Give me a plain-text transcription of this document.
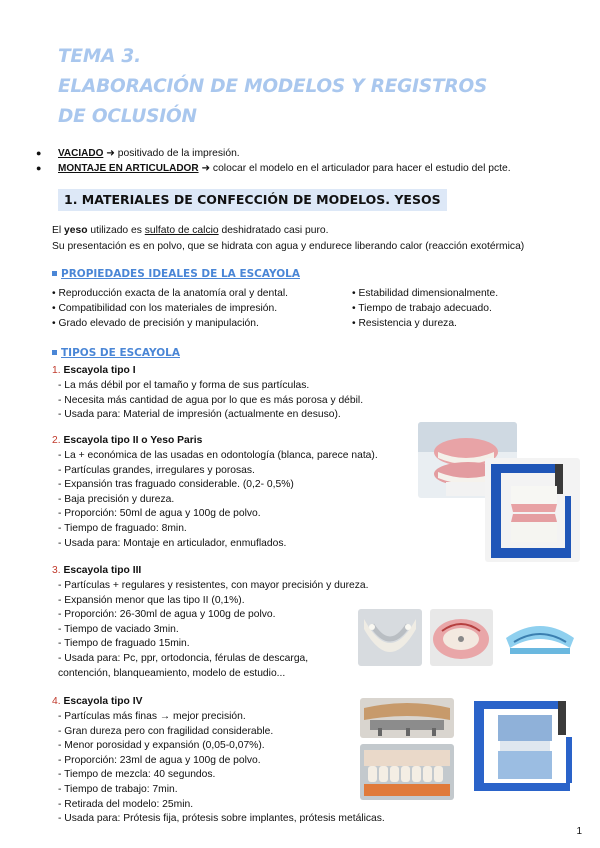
TEMA 3.
ELABORACIÓN DE MODELOS Y REGISTROS
DE OCLUSIÓN
●	VACIADO
➜ positivado de la impresión.
●	MONTAJE EN ARTICULADOR
➜ colocar el modelo en el articulador para hacer el estudio del pcte.
1. MATERIALES DE CONFECCIÓN DE MODELOS. YESOS

El yeso utilizado es sulfato de calcio deshidratado casi puro.

Su presentación es en polvo, que se hidrata con agua y endurece liberando calor (reacción exotérmica)

PROPIEDADES IDEALES DE LA ESCAYOLA
• Reproducción exacta de la anatomía oral y dental.	• Estabilidad dimensionalmente.
• Compatibilidad con los materiales de impresión.	• Tiempo de trabajo adecuado.
• Grado elevado de precisión y manipulación.	• Resistencia y dureza.
TIPOS DE ESCAYOLA
1. Escayola tipo I
- La más débil por el tamaño y forma de sus partículas.
- Necesita más cantidad de agua por lo que es más porosa y débil.
- Usada para: Material de impresión (actualmente en desuso).
2. Escayola tipo II o Yeso Paris
- La + económica de las usadas en odontología (blanca, parece nata).
- Partículas grandes, irregulares y porosas.
- Expansión tras fraguado considerable. (0,2- 0,5%)
- Baja precisión y dureza.
- Proporción: 50ml de agua y 100g de polvo.
- Tiempo de fraguado: 8min.
- Usada para: Montaje en articulador, enmuflados.
3. Escayola tipo III
- Partículas + regulares y resistentes, con mayor precisión y dureza.
- Expansión menor que las tipo II (0,1%).
- Proporción: 26-30ml de agua y 100g de polvo.
- Tiempo de vaciado 3min.
- Tiempo de fraguado 15min.
- Usada para: Pc, ppr, ortodoncia, férulas de descarga,
contención, blanqueamiento, modelo de estudio...
4. Escayola tipo IV
- Partículas más finas → mejor precisión.
- Gran dureza pero con fragilidad considerable.
- Menor porosidad y expansión (0,05-0,07%).
- Proporción: 23ml de agua y 100g de polvo.
- Tiempo de mezcla: 40 segundos.
- Tiempo de trabajo: 7min.
- Retirada del modelo: 25min.
- Usada para: Prótesis fija, prótesis sobre implantes, prótesis metálicas.
1
